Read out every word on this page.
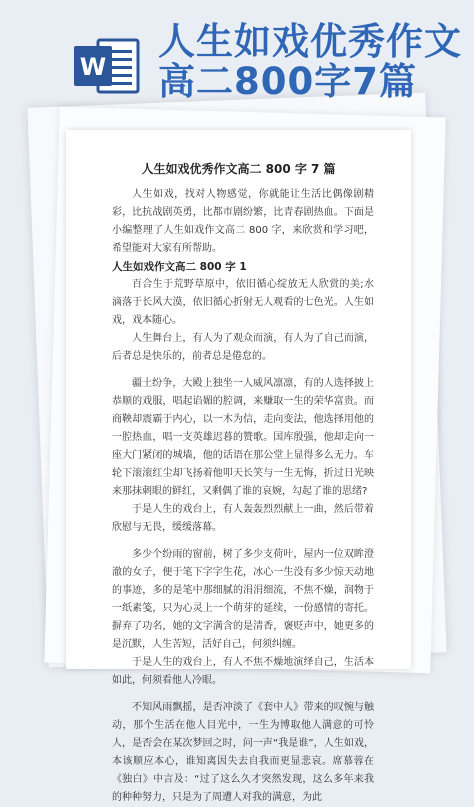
W
人生如戏优秀作文
高二800字7篇
人生如戏优秀作文高二 800 字 7 篇

人生如戏，找对人物感觉，你就能让生活比偶像剧精彩，比抗战剧英勇，比都市剧纷繁，比青春剧热血。下面是小编整理了人生如戏作文高二 800 字，来欣赏和学习吧，希望能对大家有所帮助。

人生如戏作文高二 800 字 1

百合生于荒野草原中，依旧循心绽放无人欣赏的美;水滴落于长风大漠，依旧循心折射无人观看的七色光。人生如戏，戏本随心。

人生舞台上，有人为了观众而演，有人为了自己而演，后者总是快乐的，前者总是倦怠的。

疆土纷争，大殿上独坐一人威风凛凛，有的人选择披上恭顺的戏服，唱起谄媚的腔调，来赚取一生的荣华富贵。而商鞅却震霸于内心，以一木为信，走向变法，他选择用他的一腔热血，唱一支英雄迟暮的赞歌。国库殷强，他却走向一座大门紧闭的城墙，他的话语在那公堂上显得多么无力。车轮下滚滚红尘却飞扬着他叩天长笑与一生无悔，折过日光映来那抹刺眼的鲜红，又剩偶了谁的哀婉，勾起了谁的思绪?

于是人生的戏台上，有人轰轰烈烈献上一曲，然后带着欣慰与无畏，缓缓落幕。

多少个纷雨的窗前，树了多少支荷叶，屋内一位双眸澄澈的女子，便于笔下字字生花，冰心一生没有多少惊天动地的事迹，多的是笔中那细腻的涓涓细流，不焦不燥，润物于一纸素笺，只为心灵上一个萌芽的延续，一份感情的寄托。摒弃了功名，她的文字满含的是清香，褒贬声中，她更多的是沉默，人生苦短，活好自己，何须纠缠。

于是人生的戏台上，有人不焦不燥地演绎自己，生活本如此，何须看他人冷眼。

不知风雨飘摇，是否冲淡了《套中人》带来的叹惋与触动，那个生活在他人目光中，一生为博取他人满意的可怜人，是否会在某次梦回之时，问一声“我是谁”，人生如戏，本该顺应本心，谁知离因失去自我而更显悲哀。席慕蓉在《独白》中言及：“过了这么久才突然发现，这么多年来我的种种努力，只是为了周遭人对我的满意，为此
